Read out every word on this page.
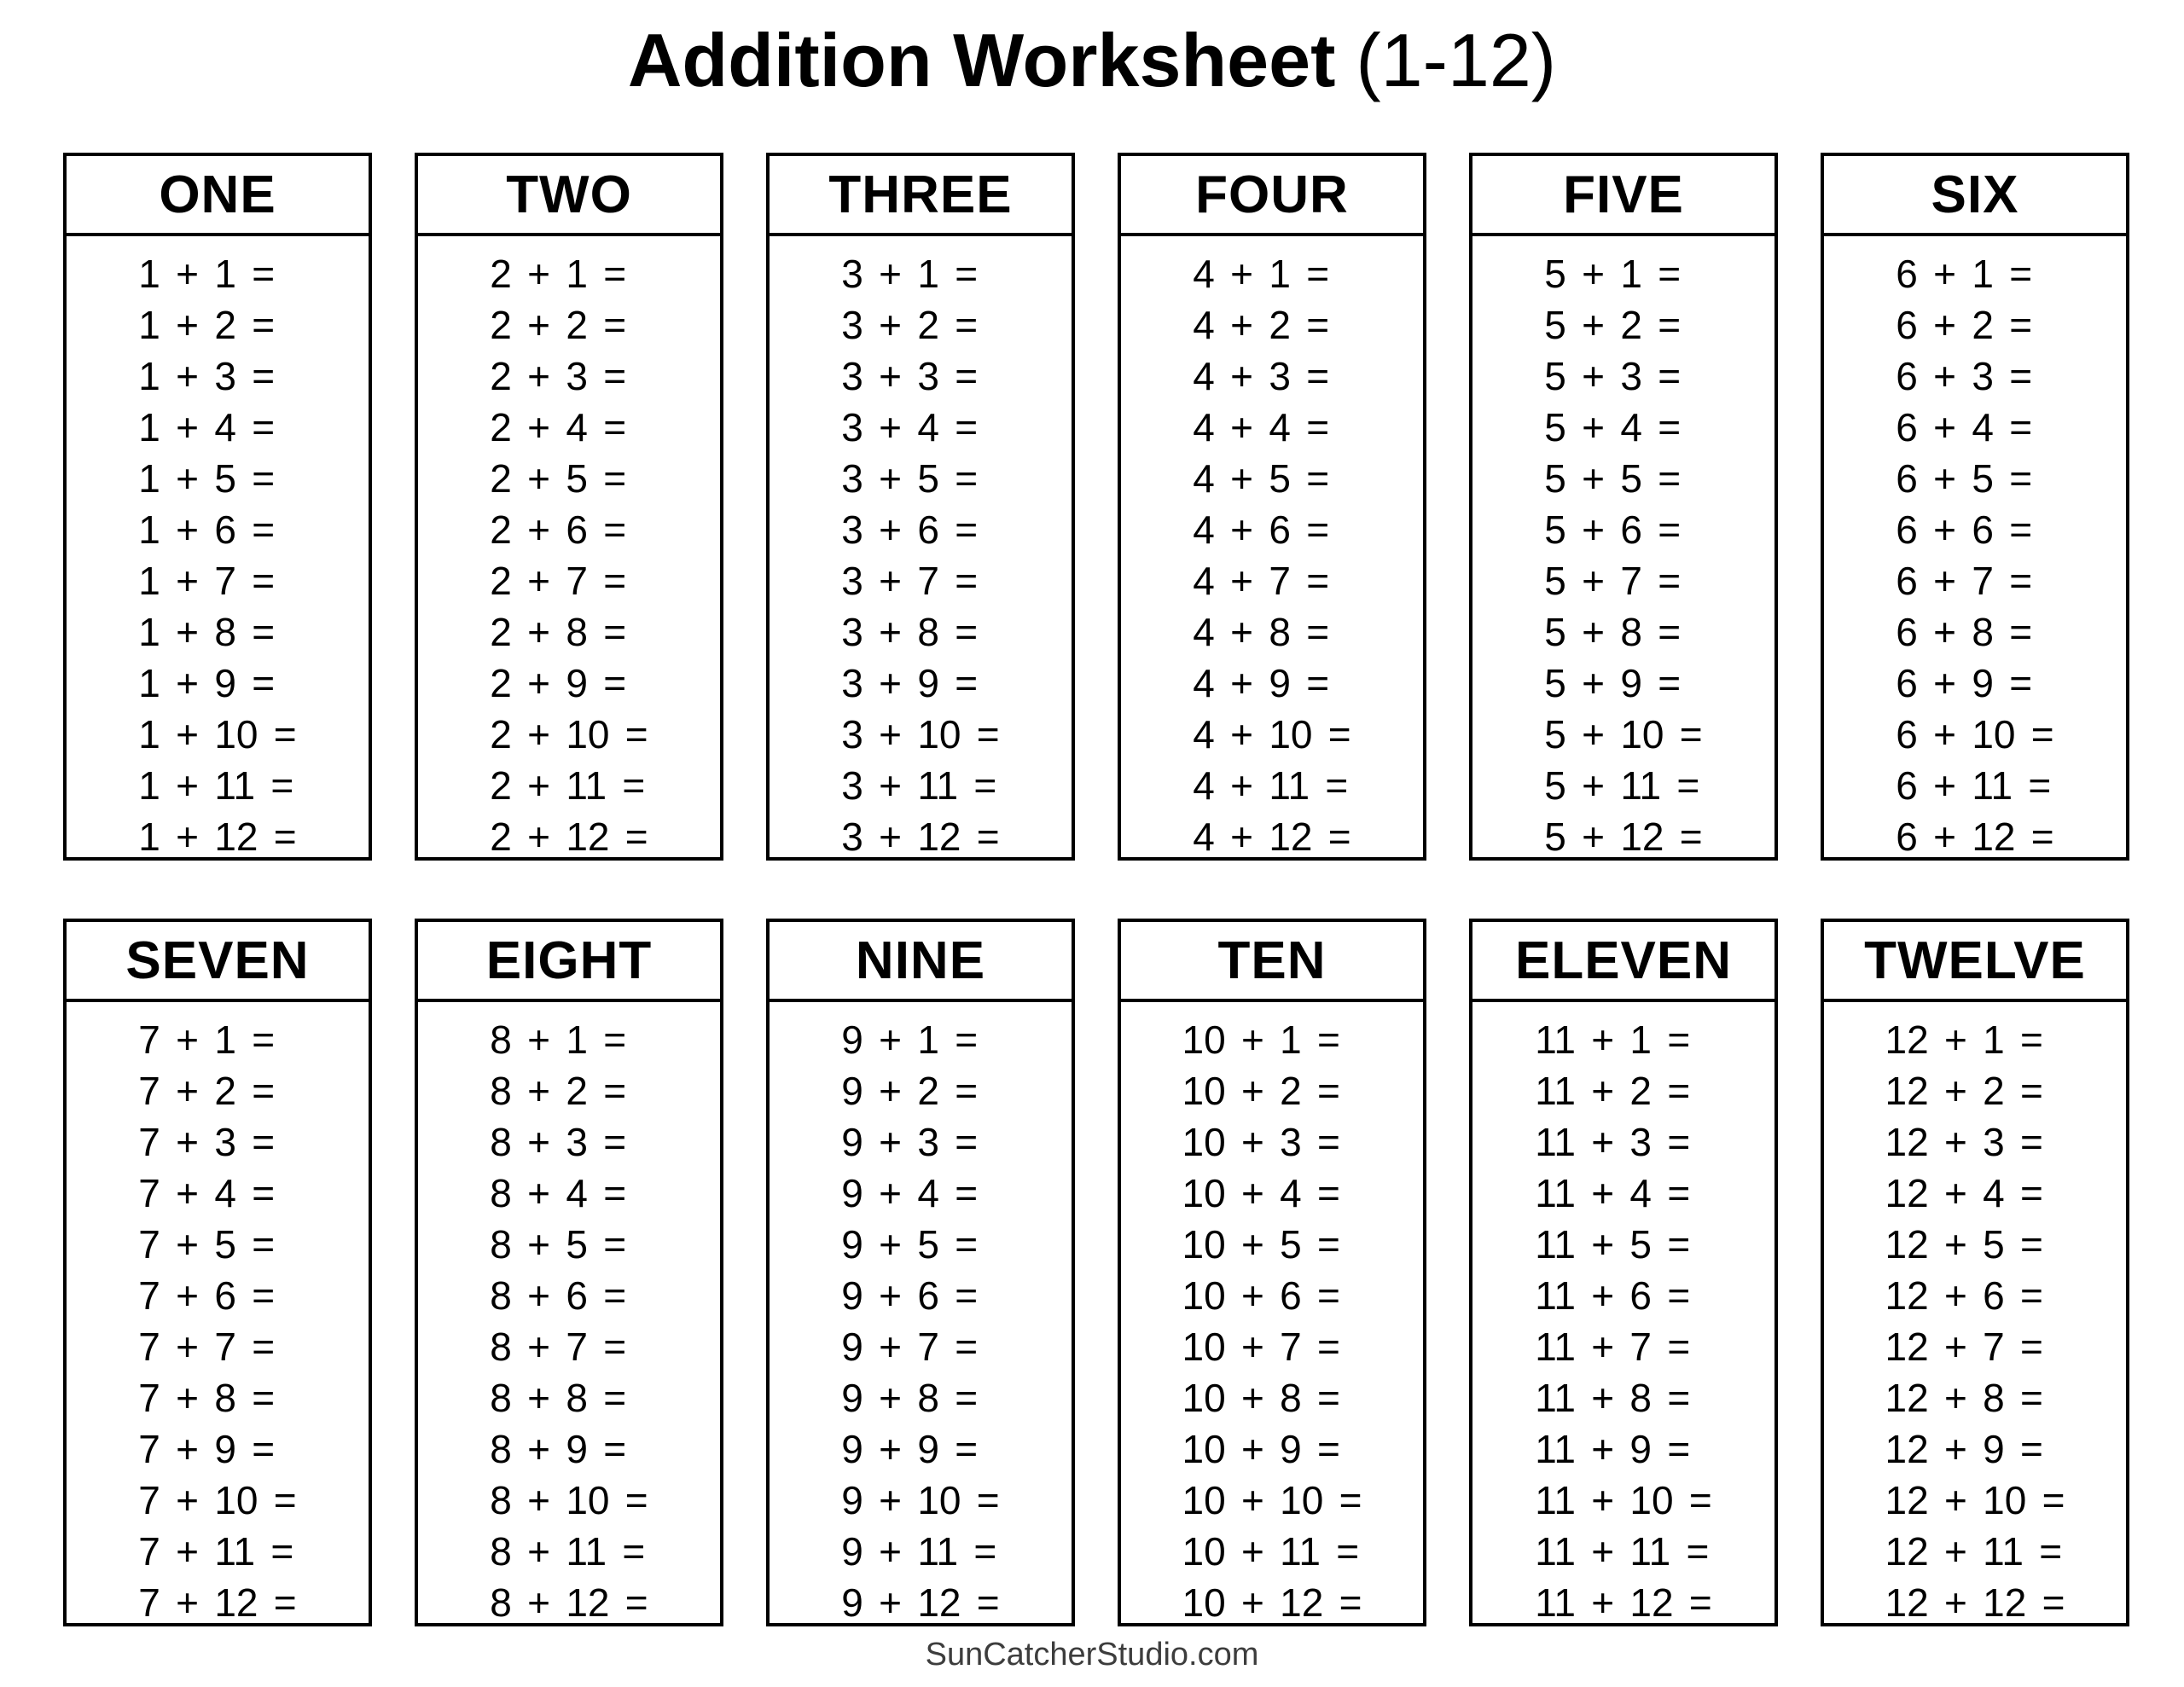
Addition Worksheet (1-12)
ONE
1 + 1 =
1 + 2 =
1 + 3 =
1 + 4 =
1 + 5 =
1 + 6 =
1 + 7 =
1 + 8 =
1 + 9 =
1 + 10 =
1 + 11 =
1 + 12 =
TWO
2 + 1 =
2 + 2 =
2 + 3 =
2 + 4 =
2 + 5 =
2 + 6 =
2 + 7 =
2 + 8 =
2 + 9 =
2 + 10 =
2 + 11 =
2 + 12 =
THREE
3 + 1 =
3 + 2 =
3 + 3 =
3 + 4 =
3 + 5 =
3 + 6 =
3 + 7 =
3 + 8 =
3 + 9 =
3 + 10 =
3 + 11 =
3 + 12 =
FOUR
4 + 1 =
4 + 2 =
4 + 3 =
4 + 4 =
4 + 5 =
4 + 6 =
4 + 7 =
4 + 8 =
4 + 9 =
4 + 10 =
4 + 11 =
4 + 12 =
FIVE
5 + 1 =
5 + 2 =
5 + 3 =
5 + 4 =
5 + 5 =
5 + 6 =
5 + 7 =
5 + 8 =
5 + 9 =
5 + 10 =
5 + 11 =
5 + 12 =
SIX
6 + 1 =
6 + 2 =
6 + 3 =
6 + 4 =
6 + 5 =
6 + 6 =
6 + 7 =
6 + 8 =
6 + 9 =
6 + 10 =
6 + 11 =
6 + 12 =
SEVEN
7 + 1 =
7 + 2 =
7 + 3 =
7 + 4 =
7 + 5 =
7 + 6 =
7 + 7 =
7 + 8 =
7 + 9 =
7 + 10 =
7 + 11 =
7 + 12 =
EIGHT
8 + 1 =
8 + 2 =
8 + 3 =
8 + 4 =
8 + 5 =
8 + 6 =
8 + 7 =
8 + 8 =
8 + 9 =
8 + 10 =
8 + 11 =
8 + 12 =
NINE
9 + 1 =
9 + 2 =
9 + 3 =
9 + 4 =
9 + 5 =
9 + 6 =
9 + 7 =
9 + 8 =
9 + 9 =
9 + 10 =
9 + 11 =
9 + 12 =
TEN
10 + 1 =
10 + 2 =
10 + 3 =
10 + 4 =
10 + 5 =
10 + 6 =
10 + 7 =
10 + 8 =
10 + 9 =
10 + 10 =
10 + 11 =
10 + 12 =
ELEVEN
11 + 1 =
11 + 2 =
11 + 3 =
11 + 4 =
11 + 5 =
11 + 6 =
11 + 7 =
11 + 8 =
11 + 9 =
11 + 10 =
11 + 11 =
11 + 12 =
TWELVE
12 + 1 =
12 + 2 =
12 + 3 =
12 + 4 =
12 + 5 =
12 + 6 =
12 + 7 =
12 + 8 =
12 + 9 =
12 + 10 =
12 + 11 =
12 + 12 =
SunCatcherStudio.com
